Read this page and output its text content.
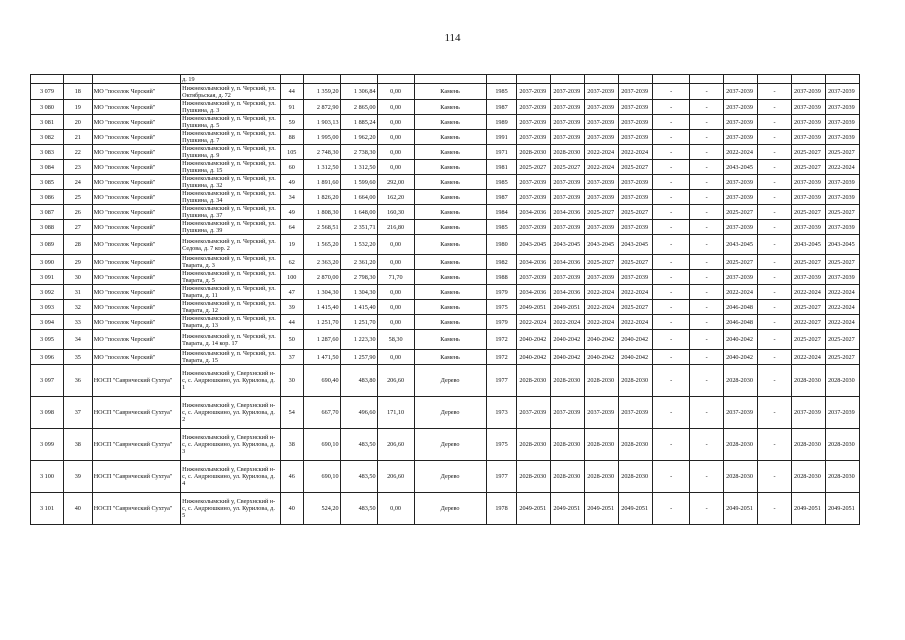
114
			д. 19																
3 079	18	МО "поселок Черский"	Нижнеколымский у, п. Черский, ул. Октябрьская, д. 72	44	1 359,20	1 306,84	0,00	Камень	1985	2037-2039	2037-2039	2037-2039	2037-2039	-	-	2037-2039	-	2037-2039	2037-2039
3 080	19	МО "поселок Черский"	Нижнеколымский у, п. Черский, ул. Пушкина, д. 3	91	2 872,90	2 865,00	0,00	Камень	1987	2037-2039	2037-2039	2037-2039	2037-2039	-	-	2037-2039	-	2037-2039	2037-2039
3 081	20	МО "поселок Черский"	Нижнеколымский у, п. Черский, ул. Пушкина, д. 5	59	1 903,13	1 885,24	0,00	Камень	1989	2037-2039	2037-2039	2037-2039	2037-2039	-	-	2037-2039	-	2037-2039	2037-2039
3 082	21	МО "поселок Черский"	Нижнеколымский у, п. Черский, ул. Пушкина, д. 7	88	1 995,00	1 962,20	0,00	Камень	1991	2037-2039	2037-2039	2037-2039	2037-2039	-	-	2037-2039	-	2037-2039	2037-2039
3 083	22	МО "поселок Черский"	Нижнеколымский у, п. Черский, ул. Пушкина, д. 9	105	2 748,30	2 738,30	0,00	Камень	1971	2028-2030	2028-2030	2022-2024	2022-2024	-	-	2022-2024	-	2025-2027	2025-2027
3 084	23	МО "поселок Черский"	Нижнеколымский у, п. Черский, ул. Пушкина, д. 15	60	1 312,50	1 312,50	0,00	Камень	1981	2025-2027	2025-2027	2022-2024	2025-2027	-	-	2043-2045	-	2025-2027	2022-2024
3 085	24	МО "поселок Черский"	Нижнеколымский у, п. Черский, ул. Пушкина, д. 32	49	1 891,60	1 599,60	292,00	Камень	1985	2037-2039	2037-2039	2037-2039	2037-2039	-	-	2037-2039	-	2037-2039	2037-2039
3 086	25	МО "поселок Черский"	Нижнеколымский у, п. Черский, ул. Пушкина, д. 34	34	1 826,20	1 664,00	162,20	Камень	1987	2037-2039	2037-2039	2037-2039	2037-2039	-	-	2037-2039	-	2037-2039	2037-2039
3 087	26	МО "поселок Черский"	Нижнеколымский у, п. Черский, ул. Пушкина, д. 37	49	1 808,30	1 648,00	160,30	Камень	1984	2034-2036	2034-2036	2025-2027	2025-2027	-	-	2025-2027	-	2025-2027	2025-2027
3 088	27	МО "поселок Черский"	Нижнеколымский у, п. Черский, ул. Пушкина, д. 39	64	2 568,51	2 351,71	216,80	Камень	1985	2037-2039	2037-2039	2037-2039	2037-2039	-	-	2037-2039	-	2037-2039	2037-2039
3 089	28	МО "поселок Черский"	Нижнеколымский у, п. Черский, ул. Седова, д. 7 кор. 2	19	1 565,20	1 532,20	0,00	Камень	1980	2043-2045	2043-2045	2043-2045	2043-2045	-	-	2043-2045	-	2043-2045	2043-2045
3 090	29	МО "поселок Черский"	Нижнеколымский у, п. Черский, ул. Тварата, д. 3	62	2 363,20	2 361,20	0,00	Камень	1982	2034-2036	2034-2036	2025-2027	2025-2027	-	-	2025-2027	-	2025-2027	2025-2027
3 091	30	МО "поселок Черский"	Нижнеколымский у, п. Черский, ул. Тварата, д. 5	100	2 870,00	2 798,30	71,70	Камень	1988	2037-2039	2037-2039	2037-2039	2037-2039	-	-	2037-2039	-	2037-2039	2037-2039
3 092	31	МО "поселок Черский"	Нижнеколымский у, п. Черский, ул. Тварата, д. 11	47	1 304,30	1 304,30	0,00	Камень	1979	2034-2036	2034-2036	2022-2024	2022-2024	-	-	2022-2024	-	2022-2024	2022-2024
3 093	32	МО "поселок Черский"	Нижнеколымский у, п. Черский, ул. Тварата, д. 12	39	1 415,40	1 415,40	0,00	Камень	1975	2049-2051	2049-2051	2022-2024	2025-2027	-	-	2046-2048	-	2025-2027	2022-2024
3 094	33	МО "поселок Черский"	Нижнеколымский у, п. Черский, ул. Тварата, д. 13	44	1 251,70	1 251,70	0,00	Камень	1979	2022-2024	2022-2024	2022-2024	2022-2024	-	-	2046-2048	-	2022-2027	2022-2024
3 095	34	МО "поселок Черский"	Нижнеколымский у, п. Черский, ул. Тварата, д. 14 кор. 17	50	1 287,60	1 223,30	58,30	Камень	1972	2040-2042	2040-2042	2040-2042	2040-2042	-	-	2040-2042	-	2025-2027	2025-2027
3 096	35	МО "поселок Черский"	Нижнеколымский у, п. Черский, ул. Тварата, д. 15	37	1 471,50	1 257,90	0,00	Камень	1972	2040-2042	2040-2042	2040-2042	2040-2042	-	-	2040-2042	-	2022-2024	2025-2027
3 097	36	НОСП "Саврнческий Сухтуа"	Нижнеколымский у, Сверхнский н-с, с. Андрюшкино, ул. Куриловa, д. 1	30	690,40	483,80	206,60	Дерево	1977	2028-2030	2028-2030	2028-2030	2028-2030	-	-	2028-2030	-	2028-2030	2028-2030
3 098	37	НОСП "Саврнческий Сухтуа"	Нижнеколымский у, Сверхнский н-с, с. Андрюшкино, ул. Куриловa, д. 2	54	667,70	496,60	171,10	Дерево	1973	2037-2039	2037-2039	2037-2039	2037-2039	-	-	2037-2039	-	2037-2039	2037-2039
3 099	38	НОСП "Саврнческий Сухтуа"	Нижнеколымский у, Сверхнский н-с, с. Андрюшкино, ул. Куриловa, д. 3	38	690,10	483,50	206,60	Дерево	1975	2028-2030	2028-2030	2028-2030	2028-2030	-	-	2028-2030	-	2028-2030	2028-2030
3 100	39	НОСП "Саврнческий Сухтуа"	Нижнеколымский у, Сверхнский н-с, с. Андрюшкино, ул. Куриловa, д. 4	46	690,10	483,50	206,60	Дерево	1977	2028-2030	2028-2030	2028-2030	2028-2030	-	-	2028-2030	-	2028-2030	2028-2030
3 101	40	НОСП "Саврнческий Сухтуа"	Нижнеколымский у, Сверхнский н-с, с. Андрюшкино, ул. Куриловa, д. 5	40	524,20	483,50	0,00	Дерево	1978	2049-2051	2049-2051	2049-2051	2049-2051	-	-	2049-2051	-	2049-2051	2049-2051
